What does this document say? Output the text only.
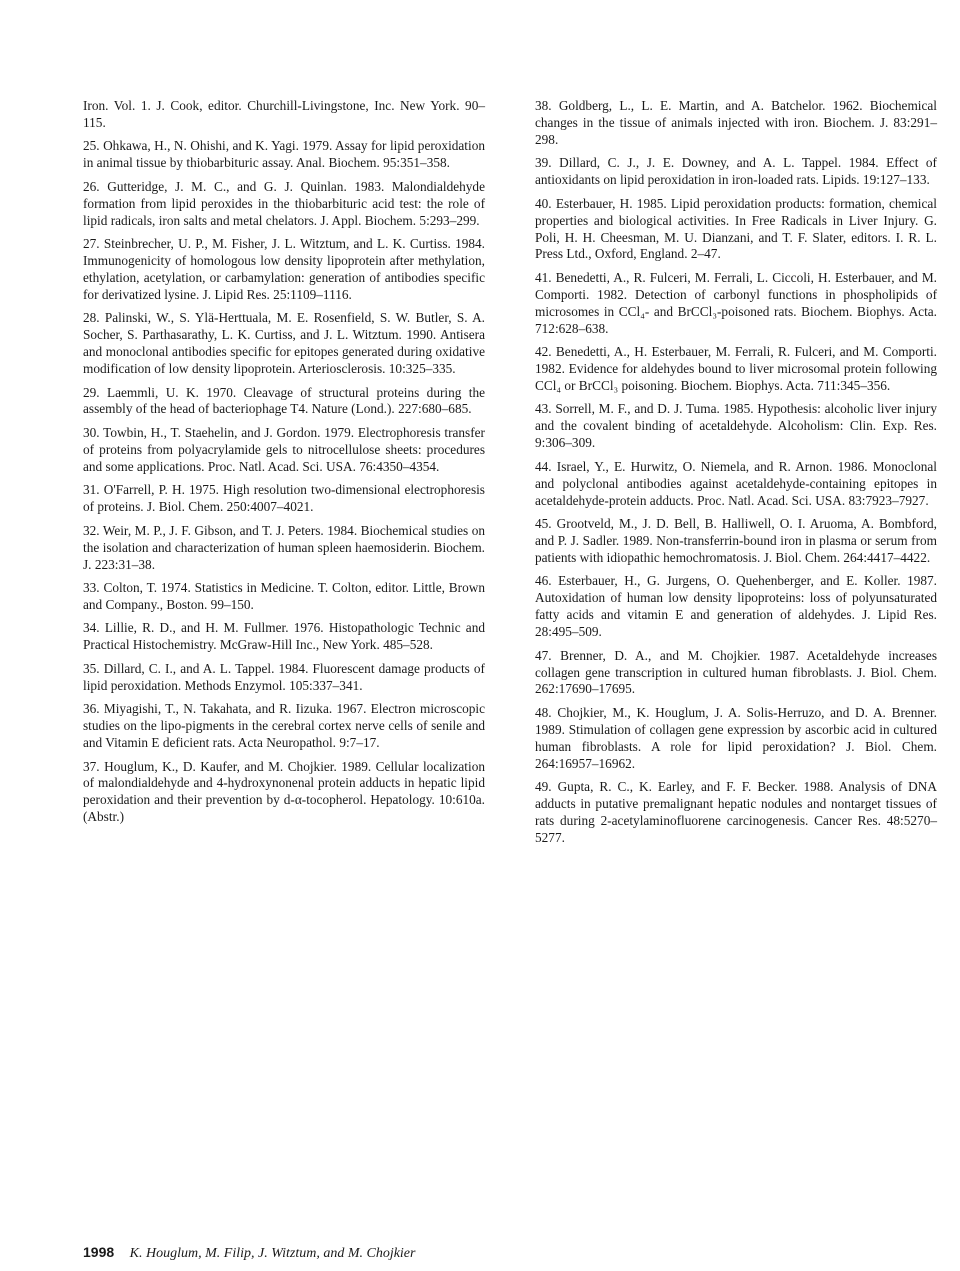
Iron. Vol. 1. J. Cook, editor. Churchill-Livingstone, Inc. New York. 90–115.

25. Ohkawa, H., N. Ohishi, and K. Yagi. 1979. Assay for lipid peroxidation in animal tissue by thiobarbituric assay. Anal. Biochem. 95:351–358.

26. Gutteridge, J. M. C., and G. J. Quinlan. 1983. Malondialdehyde formation from lipid peroxides in the thiobarbituric acid test: the role of lipid radicals, iron salts and metal chelators. J. Appl. Biochem. 5:293–299.

27. Steinbrecher, U. P., M. Fisher, J. L. Witztum, and L. K. Curtiss. 1984. Immunogenicity of homologous low density lipoprotein after methylation, ethylation, acetylation, or carbamylation: generation of antibodies specific for derivatized lysine. J. Lipid Res. 25:1109–1116.

28. Palinski, W., S. Ylä-Herttuala, M. E. Rosenfield, S. W. Butler, S. A. Socher, S. Parthasarathy, L. K. Curtiss, and J. L. Witztum. 1990. Antisera and monoclonal antibodies specific for epitopes generated during oxidative modification of low density lipoprotein. Arteriosclerosis. 10:325–335.

29. Laemmli, U. K. 1970. Cleavage of structural proteins during the assembly of the head of bacteriophage T4. Nature (Lond.). 227:680–685.

30. Towbin, H., T. Staehelin, and J. Gordon. 1979. Electrophoresis transfer of proteins from polyacrylamide gels to nitrocellulose sheets: procedures and some applications. Proc. Natl. Acad. Sci. USA. 76:4350–4354.

31. O'Farrell, P. H. 1975. High resolution two-dimensional electrophoresis of proteins. J. Biol. Chem. 250:4007–4021.

32. Weir, M. P., J. F. Gibson, and T. J. Peters. 1984. Biochemical studies on the isolation and characterization of human spleen haemosiderin. Biochem. J. 223:31–38.

33. Colton, T. 1974. Statistics in Medicine. T. Colton, editor. Little, Brown and Company., Boston. 99–150.

34. Lillie, R. D., and H. M. Fullmer. 1976. Histopathologic Technic and Practical Histochemistry. McGraw-Hill Inc., New York. 485–528.

35. Dillard, C. I., and A. L. Tappel. 1984. Fluorescent damage products of lipid peroxidation. Methods Enzymol. 105:337–341.

36. Miyagishi, T., N. Takahata, and R. Iizuka. 1967. Electron microscopic studies on the lipo-pigments in the cerebral cortex nerve cells of senile and and Vitamin E deficient rats. Acta Neuropathol. 9:7–17.

37. Houglum, K., D. Kaufer, and M. Chojkier. 1989. Cellular localization of malondialdehyde and 4-hydroxynonenal protein adducts in hepatic lipid peroxidation and their prevention by d-α-tocopherol. Hepatology. 10:610a. (Abstr.)

38. Goldberg, L., L. E. Martin, and A. Batchelor. 1962. Biochemical changes in the tissue of animals injected with iron. Biochem. J. 83:291–298.

39. Dillard, C. J., J. E. Downey, and A. L. Tappel. 1984. Effect of antioxidants on lipid peroxidation in iron-loaded rats. Lipids. 19:127–133.

40. Esterbauer, H. 1985. Lipid peroxidation products: formation, chemical properties and biological activities. In Free Radicals in Liver Injury. G. Poli, H. H. Cheesman, M. U. Dianzani, and T. F. Slater, editors. I. R. L. Press Ltd., Oxford, England. 2–47.

41. Benedetti, A., R. Fulceri, M. Ferrali, L. Ciccoli, H. Esterbauer, and M. Comporti. 1982. Detection of carbonyl functions in phospholipids of microsomes in CCl₄- and BrCCl₃-poisoned rats. Biochem. Biophys. Acta. 712:628–638.

42. Benedetti, A., H. Esterbauer, M. Ferrali, R. Fulceri, and M. Comporti. 1982. Evidence for aldehydes bound to liver microsomal protein following CCl₄ or BrCCl₃ poisoning. Biochem. Biophys. Acta. 711:345–356.

43. Sorrell, M. F., and D. J. Tuma. 1985. Hypothesis: alcoholic liver injury and the covalent binding of acetaldehyde. Alcoholism: Clin. Exp. Res. 9:306–309.

44. Israel, Y., E. Hurwitz, O. Niemela, and R. Arnon. 1986. Monoclonal and polyclonal antibodies against acetaldehyde-containing epitopes in acetaldehyde-protein adducts. Proc. Natl. Acad. Sci. USA. 83:7923–7927.

45. Grootveld, M., J. D. Bell, B. Halliwell, O. I. Aruoma, A. Bombford, and P. J. Sadler. 1989. Non-transferrin-bound iron in plasma or serum from patients with idiopathic hemochromatosis. J. Biol. Chem. 264:4417–4422.

46. Esterbauer, H., G. Jurgens, O. Quehenberger, and E. Koller. 1987. Autoxidation of human low density lipoproteins: loss of polyunsaturated fatty acids and vitamin E and generation of aldehydes. J. Lipid Res. 28:495–509.

47. Brenner, D. A., and M. Chojkier. 1987. Acetaldehyde increases collagen gene transcription in cultured human fibroblasts. J. Biol. Chem. 262:17690–17695.

48. Chojkier, M., K. Houglum, J. A. Solis-Herruzo, and D. A. Brenner. 1989. Stimulation of collagen gene expression by ascorbic acid in cultured human fibroblasts. A role for lipid peroxidation? J. Biol. Chem. 264:16957–16962.

49. Gupta, R. C., K. Earley, and F. F. Becker. 1988. Analysis of DNA adducts in putative premalignant hepatic nodules and nontarget tissues of rats during 2-acetylaminofluorene carcinogenesis. Cancer Res. 48:5270–5277.

1998 K. Houglum, M. Filip, J. Witztum, and M. Chojkier
